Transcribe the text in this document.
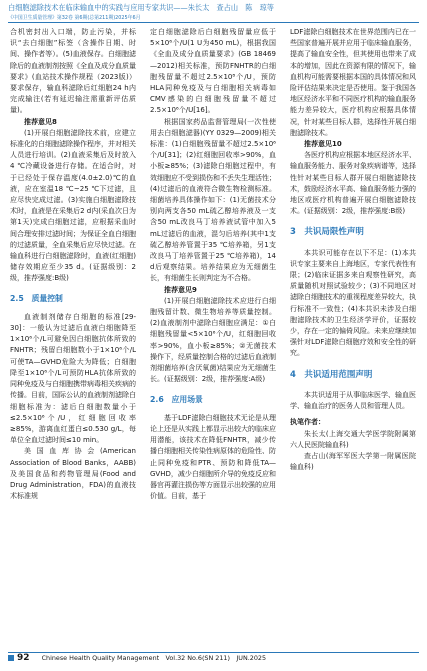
白细胞滤除技术在临床输血中的实践与应用专家共识——朱长太　查占山　陈　琼等
《中国卫生质量管理》第32卷 第6期(总第211期)2025年6月

合机密封出入口端，防止污染，并标识“去白细胞”标签（含操作日期、时间、操作者等）。(5)血液保存。白细胞滤除后的血液制剂按照《全血及成分血质量要求》(血站技术操作规程（2023版)）要求保存，输血科滤除后红细胞24 h内完成输注(若有延迟输注需重新评估质量)。

推荐意见8

(1)开展白细胞滤除技术前，应建立标准化的白细胞滤除操作程序，并对相关人员进行培训。(2)血液采集后及时放入4 ℃冷藏设备进行存储。在适合时，对于已经处于保存温度(4.0±2.0)℃的血液，应在室温18 ℃~25 ℃下过滤，且应尽快完成过滤。(3)实施白细胞滤除技术时，血液是在采集后2 d内(采血次日为第1天)完成白细胞过滤，应根据采血时间合理安排过滤时间；为保证全血白细胞的过滤质量，全血采集后应尽快过滤。在输血科进行白细胞滤除时，血液(红细胞)储存效期应至少35 d。(证据级别：2级，推荐强度:B级)

2.5　质量控制

血液制剂储存白细胞的标准[29-30]：一般认为过滤后血液白细胞降至1×10⁶个/L可避免因白细胞抗体所致的FNHTR；残留白细胞数小于1×10⁶个/L可使TA—GVHD危险大为降低；白细胞降至1×10⁶个/L可预防HLA抗体所致的同种免疫及与白细胞携带病毒相关疾病的传播。目前，国际公认的血液制剂滤除白细胞标准为：滤后白细胞数量小于≤2.5×10⁶个/U，红细胞回收率≥85%，游离血红蛋白≤0.530 g/L，每单位全血过滤时间≤10 min。

美国血库协会(American Association of Blood Banks，AABB)及美国食品和药物管理局(Food and Drug Administration，FDA)的血液技术标准规

定白细胞滤除后白细胞残留量应低于5×10⁶个/U(1 U为450 mL)，根据我国《全血及成分血质量要求》(GB 18469—2012)相关标准，预防FNHTR的白细胞残留量不超过2.5×10⁸个/U，预防HLA同种免疫及与白细胞相关病毒如CMV感染的白细胞残留量不超过2.5×10⁶个/U[16]。

根据国家药品监督管理局(一次性使用去白细胞滤器)(YY 0329—2009)相关标准：(1)白细胞残留量不超过2.5×10⁶个/U[31]；(2)红细胞回收率>90%，血小板≥85%；(3)滤除白细胞过程中，有效细胞应不受到损伤和不丢失生理活性；(4)过滤后的血液符合微生物检测标准。细菌培养具体操作如下：(1)无菌技术分别向两支各50 mL硫乙醇培养液及一支含50 mL改良马丁培养液试管中加入5 mL过滤后的血液，混匀后培养(其中1支硫乙醇培养管置于35 ℃培养箱，另1支改良马丁培养管置于25 ℃培养箱)，14 d后观察结果。培养结果应为无细菌生长，有细菌生长则判定为不合格。

推荐意见9

(1)开展白细胞滤除技术应进行白细胞残留计数、微生物培养等质量控制。(2)血液制剂中滤除白细胞应满足：①白细胞残留量<5×10⁶个/U，红细胞回收率>90%，血小板≥85%；②无菌技术操作下，经质量控制合格的过滤后血液制剂细菌培养(含厌氧菌)结果应为无细菌生长。(证据级别：2级，推荐强度:A级)

2.6　应用场景

基于LDF滤除白细胞技术无论是从理论上还是从实践上都显示出较大的临床应用潜能，该技术在降低FNHTR，减少传播白细胞相关传染性病原体的危险性、防止同种免疫和PTR、预防和降低TA—GVHD，减少白细胞所介导的免疫反应和器官再灌注损伤等方面显示出较强的应用价值。目前，基于

LDF滤除白细胞技术在世界范围内已在一些国家普遍开展并应用于临床输血服务，提高了输血安全性，但其使用也带来了成本的增加，因此在资源有限的情况下，输血机构可能需要根据本国的具体情况和风险评估结果来决定是否使用。鉴于我国各地区经济水平和不同医疗机构的输血服务能力差异较大，医疗机构应根据具体情况，针对某些目标人群，选择性开展白细胞滤除技术。

推荐意见10

各医疗机构应根据本地区经济水平、输血服务能力、服务对象疾病谱等，选择性针对某些目标人群开展白细胞滤除技术，鼓励经济水平高、输血服务能力强的地区或医疗机构普遍开展白细胞滤除技术。(证据级别：2级，推荐强度:B级)

3　共识局限性声明

本共识可能存在以下不足：(1)本共识专家主要来自上海地区，专家代表性有限；(2)临床证据多来自观察性研究，高质量随机对照试验较少；(3)不同地区对滤除白细胞技术的重视程度差异较大，执行标准不一致性；(4)本共识未涉及白细胞滤除技术的卫生经济学评价，证据较少，存在一定的偏倚风险。未来应继续加强针对LDF滤除白细胞疗效和安全性的研究。

4　共识适用范围声明

本共识适用于从事临床医学、输血医学、输血治疗的医务人员和管理人员。

执笔作者：

朱长太(上海交通大学医学院附属第六人民医院输血科)

查占山(海军军医大学第一附属医院输血科)

92 Chinese Health Quality Management　Vol.32 No.6(SN 211)　JUN.2025
